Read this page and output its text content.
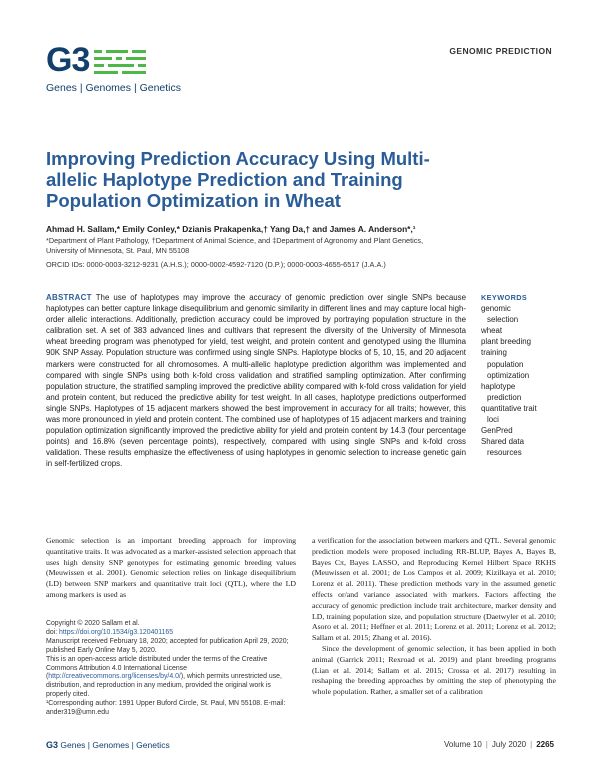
G3
Genes | Genomes | Genetics
GENOMIC PREDICTION
Improving Prediction Accuracy Using Multi-allelic Haplotype Prediction and Training Population Optimization in Wheat
Ahmad H. Sallam,* Emily Conley,* Dzianis Prakapenka,† Yang Da,† and James A. Anderson*,¹
*Department of Plant Pathology, †Department of Animal Science, and ‡Department of Agronomy and Plant Genetics,
University of Minnesota, St. Paul, MN 55108
ORCID IDs: 0000-0003-3212-9231 (A.H.S.); 0000-0002-4592-7120 (D.P.); 0000-0003-4655-6517 (J.A.A.)
ABSTRACT The use of haplotypes may improve the accuracy of genomic prediction over single SNPs because haplotypes can better capture linkage disequilibrium and genomic similarity in different lines and may capture local high-order allelic interactions. Additionally, prediction accuracy could be improved by portraying population structure in the calibration set. A set of 383 advanced lines and cultivars that represent the diversity of the University of Minnesota wheat breeding program was phenotyped for yield, test weight, and protein content and genotyped using the Illumina 90K SNP Assay. Population structure was confirmed using single SNPs. Haplotype blocks of 5, 10, 15, and 20 adjacent markers were constructed for all chromosomes. A multi-allelic haplotype prediction algorithm was implemented and compared with single SNPs using both k-fold cross validation and stratified sampling optimization. After confirming population structure, the stratified sampling improved the predictive ability compared with k-fold cross validation for yield and protein content, but reduced the predictive ability for test weight. In all cases, haplotype predictions outperformed single SNPs. Haplotypes of 15 adjacent markers showed the best improvement in accuracy for all traits; however, this was more pronounced in yield and protein content. The combined use of haplotypes of 15 adjacent markers and training population optimization significantly improved the predictive ability for yield and protein content by 14.3 (four percentage points) and 16.8% (seven percentage points), respectively, compared with using single SNPs and k-fold cross validation. These results emphasize the effectiveness of using haplotypes in genomic selection to increase genetic gain in self-fertilized crops.
KEYWORDS
genomic
selection
wheat
plant breeding
training
population
optimization
haplotype
prediction
quantitative trait
loci
GenPred
Shared data
resources

Genomic selection is an important breeding approach for improving quantitative traits. It was advocated as a marker-assisted selection approach that uses high density SNP genotypes for estimating genomic breeding values (Meuwissen et al. 2001). Genomic selection relies on linkage disequilibrium (LD) between SNP markers and quantitative trait loci (QTL), where the LD among markers is used as

a verification for the association between markers and QTL. Several genomic prediction models were proposed including RR-BLUP, Bayes A, Bayes B, Bayes Cπ, Bayes LASSO, and Reproducing Kernel Hilbert Space RKHS (Meuwissen et al. 2001; de Los Campos et al. 2009; Kizilkaya et al. 2010; Lorenz et al. 2011). These prediction methods vary in the assumed genetic effects or/and variance associated with markers. Factors affecting the accuracy of genomic prediction include trait architecture, marker density and LD, training population size, and population structure (Daetwyler et al. 2010; Asoro et al. 2011; Heffner et al. 2011; Lorenz et al. 2011; Lorenz et al. 2012; Sallam et al. 2015; Zhang et al. 2016).

Since the development of genomic selection, it has been applied in both animal (Garrick 2011; Rexroad et al. 2019) and plant breeding programs (Lian et al. 2014; Sallam et al. 2015; Crossa et al. 2017) resulting in reshaping the breeding approaches by omitting the step of phenotyping the whole population. Rather, a smaller set of a calibration

Copyright © 2020 Sallam et al.
doi: https://doi.org/10.1534/g3.120401165
Manuscript received February 18, 2020; accepted for publication April 29, 2020; published Early Online May 5, 2020.
This is an open-access article distributed under the terms of the Creative Commons Attribution 4.0 International License (http://creativecommons.org/licenses/by/4.0/), which permits unrestricted use, distribution, and reproduction in any medium, provided the original work is properly cited.
¹Corresponding author: 1991 Upper Buford Circle, St. Paul, MN 55108. E-mail: ander319@umn.edu
G3 Genes | Genomes | Genetics	Volume 10 | July 2020 | 2265
